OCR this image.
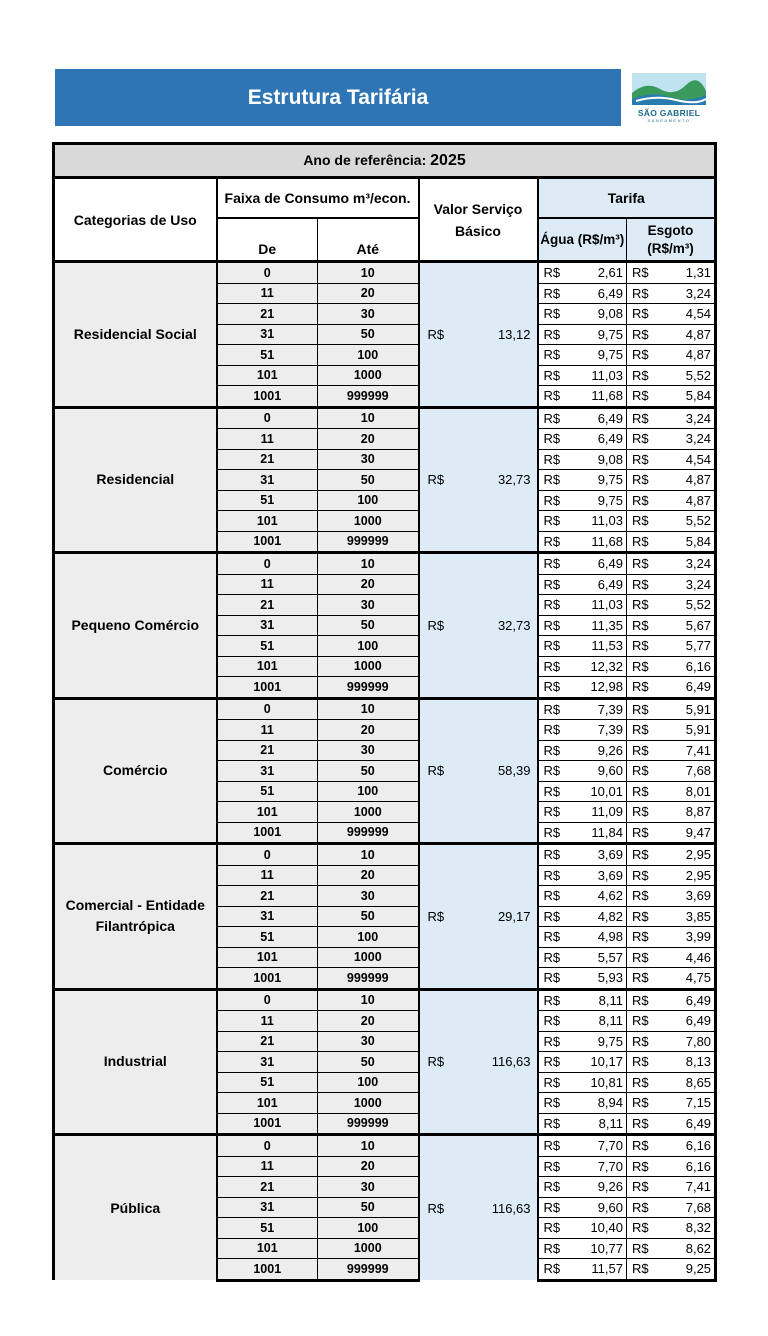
Estrutura Tarifária
SÃO GABRIEL
SANEAMENTO
Ano de referência: 2025					
Categorias de Uso	Faixa de Consumo m³/econ.		Valor Serviço Básico	Tarifa	
	De	Até		Água (R$/m³)	Esgoto (R$/m³)
Residencial Social	0	10	R$ 13,12	R$ 2,61	R$ 1,31

	11	20		R$ 6,49	R$ 3,24

	21	30		R$ 9,08	R$ 4,54

	31	50		R$ 9,75	R$ 4,87

	51	100		R$ 9,75	R$ 4,87

	101	1000		R$ 11,03	R$ 5,52

	1001	999999		R$ 11,68	R$ 5,84

Residencial	0	10	R$ 32,73	R$ 6,49	R$ 3,24

	11	20		R$ 6,49	R$ 3,24

	21	30		R$ 9,08	R$ 4,54

	31	50		R$ 9,75	R$ 4,87

	51	100		R$ 9,75	R$ 4,87

	101	1000		R$ 11,03	R$ 5,52

	1001	999999		R$ 11,68	R$ 5,84

Pequeno Comércio	0	10	R$ 32,73	R$ 6,49	R$ 3,24

	11	20		R$ 6,49	R$ 3,24

	21	30		R$ 11,03	R$ 5,52

	31	50		R$ 11,35	R$ 5,67

	51	100		R$ 11,53	R$ 5,77

	101	1000		R$ 12,32	R$ 6,16

	1001	999999		R$ 12,98	R$ 6,49

Comércio	0	10	R$ 58,39	R$ 7,39	R$ 5,91

	11	20		R$ 7,39	R$ 5,91

	21	30		R$ 9,26	R$ 7,41

	31	50		R$ 9,60	R$ 7,68

	51	100		R$ 10,01	R$ 8,01

	101	1000		R$ 11,09	R$ 8,87

	1001	999999		R$ 11,84	R$ 9,47

Comercial - Entidade Filantrópica	0	10	R$ 29,17	R$ 3,69	R$ 2,95

	11	20		R$ 3,69	R$ 2,95

	21	30		R$ 4,62	R$ 3,69

	31	50		R$ 4,82	R$ 3,85

	51	100		R$ 4,98	R$ 3,99

	101	1000		R$ 5,57	R$ 4,46

	1001	999999		R$ 5,93	R$ 4,75

Industrial	0	10	R$ 116,63	R$ 8,11	R$ 6,49

	11	20		R$ 8,11	R$ 6,49

	21	30		R$ 9,75	R$ 7,80

	31	50		R$ 10,17	R$ 8,13

	51	100		R$ 10,81	R$ 8,65

	101	1000		R$ 8,94	R$ 7,15

	1001	999999		R$ 8,11	R$ 6,49

Pública	0	10	R$ 116,63	R$ 7,70	R$ 6,16

	11	20		R$ 7,70	R$ 6,16

	21	30		R$ 9,26	R$ 7,41

	31	50		R$ 9,60	R$ 7,68

	51	100		R$ 10,40	R$ 8,32

	101	1000		R$ 10,77	R$ 8,62

	1001	999999		R$ 11,57	R$ 9,25
